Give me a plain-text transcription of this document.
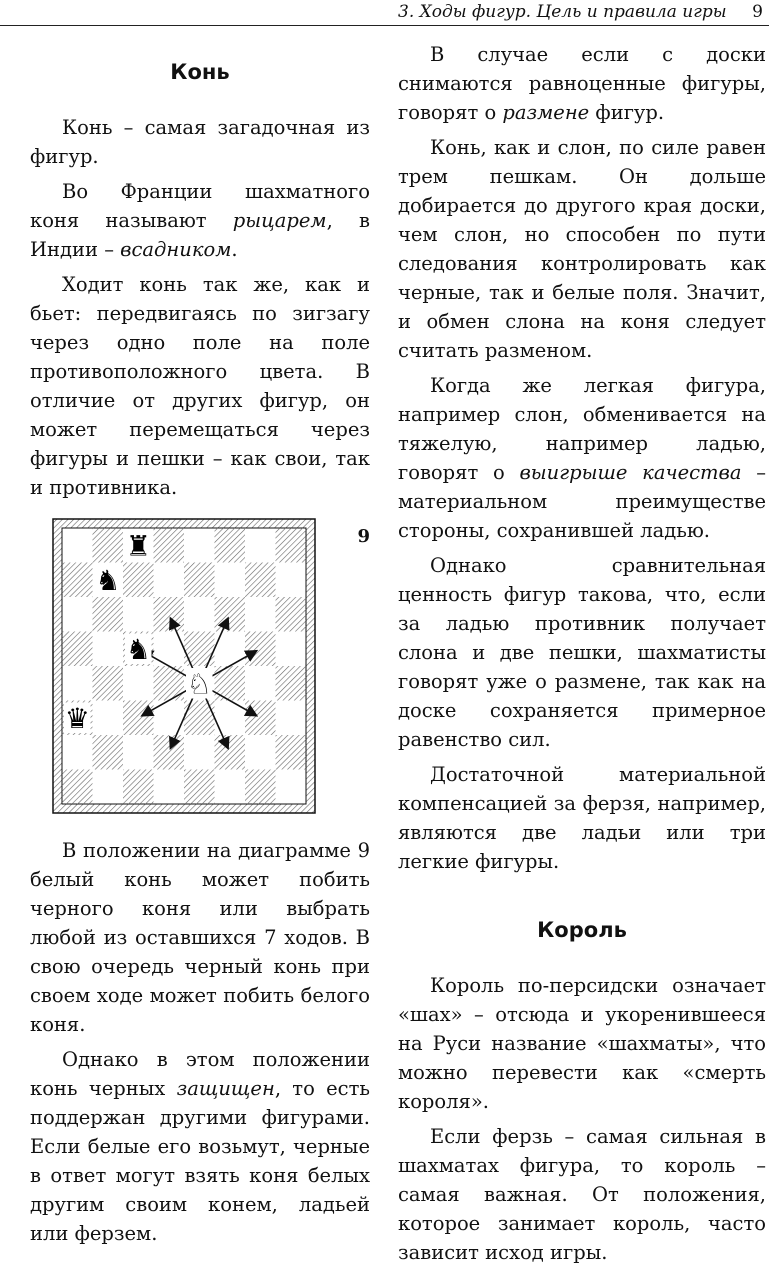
3. Ходы фигур. Цель и правила игры 9
Конь

Конь – самая загадочная из фигур.

Во Франции шахматного коня называют рыцарем, в Индии – всадником.

Ходит конь так же, как и бьет: передвигаясь по зигзагу через одно поле на поле противоположного цвета. В отличие от других фигур, он может перемещаться через фигуры и пешки – как свои, так и противника.

9
♜
♞
♞
♘
♛

В положении на диаграмме 9 белый конь может побить черного коня или выбрать любой из оставшихся 7 ходов. В свою очередь черный конь при своем ходе может побить белого коня.

Однако в этом положении конь черных защищен, то есть поддержан другими фигурами. Если белые его возьмут, черные в ответ могут взять коня белых другим своим конем, ладьей или ферзем.

В случае если с доски снимаются равноценные фигуры, говорят о размене фигур.

Конь, как и слон, по силе равен трем пешкам. Он дольше добирается до другого края доски, чем слон, но способен по пути следования контролировать как черные, так и белые поля. Значит, и обмен слона на коня следует считать разменом.

Когда же легкая фигура, например слон, обменивается на тяжелую, например ладью, говорят о выигрыше качества – материальном преимуществе стороны, сохранившей ладью.

Однако сравнительная ценность фигур такова, что, если за ладью противник получает слона и две пешки, шахматисты говорят уже о размене, так как на доске сохраняется примерное равенство сил.

Достаточной материальной компенсацией за ферзя, например, являются две ладьи или три легкие фигуры.

Король

Король по-персидски означает «шах» – отсюда и укоренившееся на Руси название «шахматы», что можно перевести как «смерть короля».

Если ферзь – самая сильная в шахматах фигура, то король – самая важная. От положения, которое занимает король, часто зависит исход игры.
